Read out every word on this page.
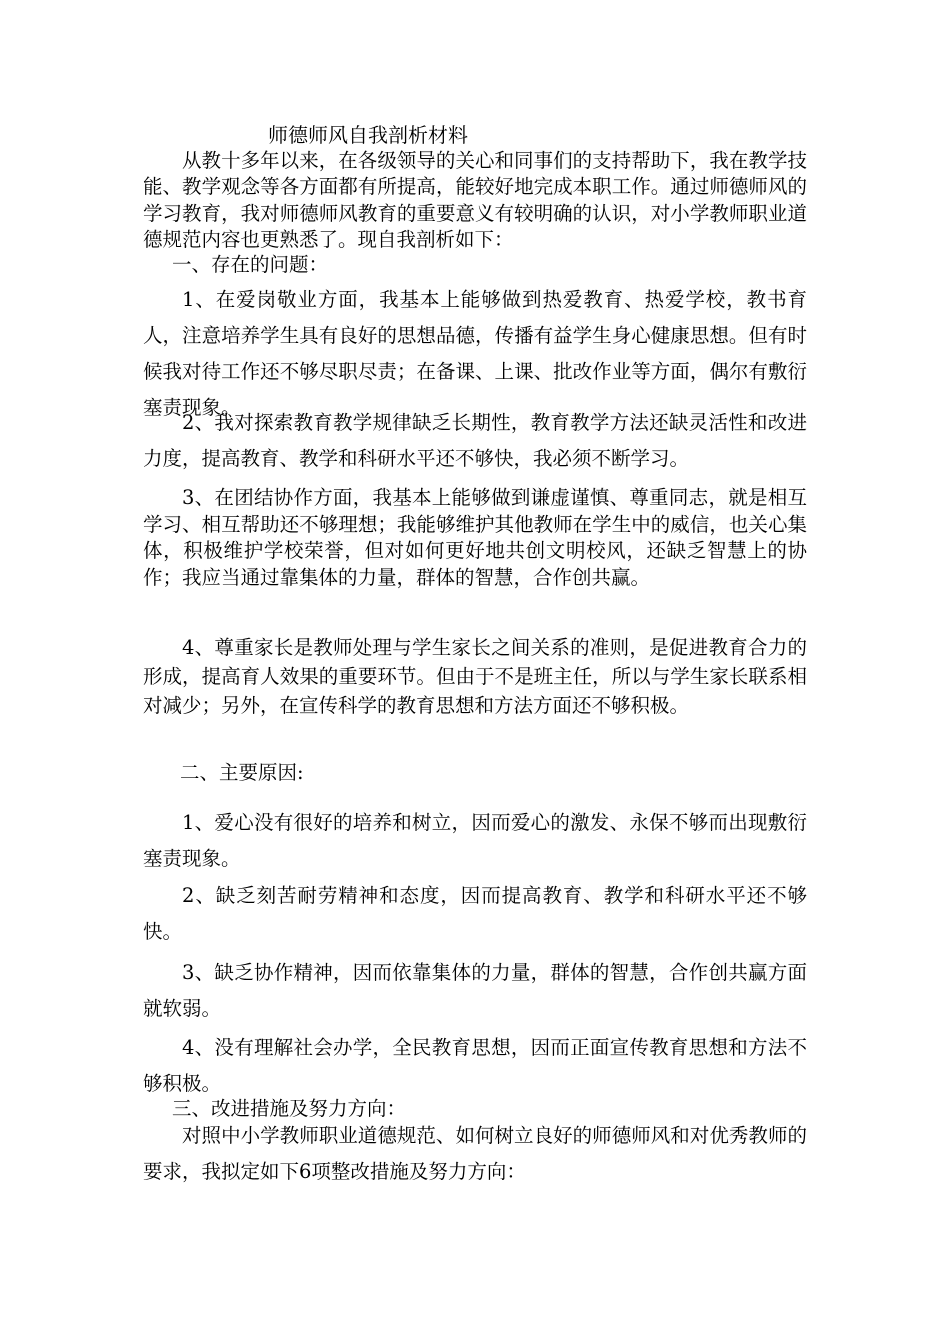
师德师风自我剖析材料

从教十多年以来，在各级领导的关心和同事们的支持帮助下，我在教学技能、教学观念等各方面都有所提高，能较好地完成本职工作。通过师德师风的学习教育，我对师德师风教育的重要意义有较明确的认识，对小学教师职业道德规范内容也更熟悉了。现自我剖析如下：

一、存在的问题：

1、在爱岗敬业方面，我基本上能够做到热爱教育、热爱学校，教书育人，注意培养学生具有良好的思想品德，传播有益学生身心健康思想。但有时候我对待工作还不够尽职尽责；在备课、上课、批改作业等方面，偶尔有敷衍塞责现象。

2、我对探索教育教学规律缺乏长期性，教育教学方法还缺灵活性和改进力度，提高教育、教学和科研水平还不够快，我必须不断学习。

3、在团结协作方面，我基本上能够做到谦虚谨慎、尊重同志，就是相互学习、相互帮助还不够理想；我能够维护其他教师在学生中的威信，也关心集体，积极维护学校荣誉，但对如何更好地共创文明校风，还缺乏智慧上的协作；我应当通过靠集体的力量，群体的智慧，合作创共赢。

4、尊重家长是教师处理与学生家长之间关系的准则，是促进教育合力的形成，提高育人效果的重要环节。但由于不是班主任，所以与学生家长联系相对减少；另外，在宣传科学的教育思想和方法方面还不够积极。

二、主要原因:

1、爱心没有很好的培养和树立，因而爱心的激发、永保不够而出现敷衍塞责现象。

2、缺乏刻苦耐劳精神和态度，因而提高教育、教学和科研水平还不够快。

3、缺乏协作精神，因而依靠集体的力量，群体的智慧，合作创共赢方面就软弱。

4、没有理解社会办学，全民教育思想，因而正面宣传教育思想和方法不够积极。

三、改进措施及努力方向：

对照中小学教师职业道德规范、如何树立良好的师德师风和对优秀教师的要求，我拟定如下6项整改措施及努力方向：
